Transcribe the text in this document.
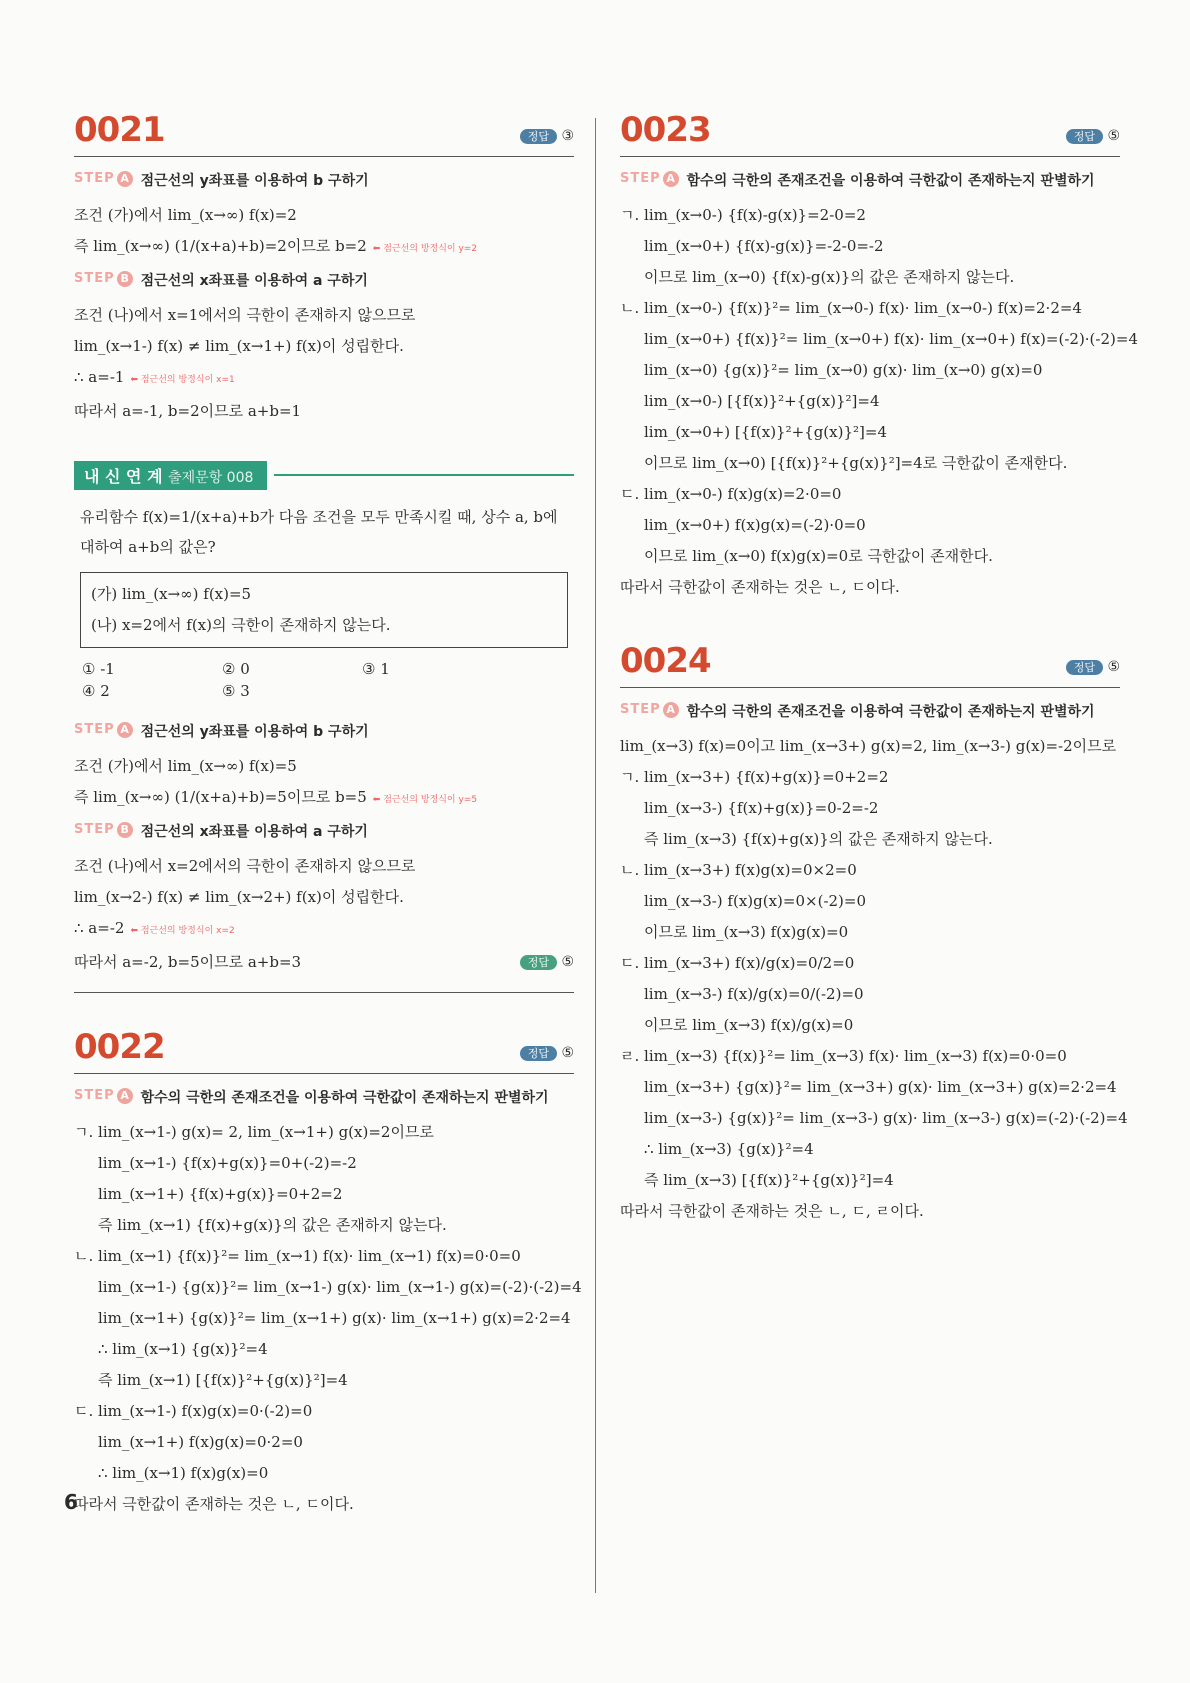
0021	정답 ③
STEP A 점근선의 y좌표를 이용하여 b 구하기
조건 (가)에서 lim_(x→∞) f(x)=2
즉 lim_(x→∞) (1/(x+a)+b)=2이므로 b=2 ⬅ 점근선의 방정식이 y=2
STEP B 점근선의 x좌표를 이용하여 a 구하기
조건 (나)에서 x=1에서의 극한이 존재하지 않으므로
lim_(x→1-) f(x) ≠ lim_(x→1+) f(x)이 성립한다.
∴ a=-1 ⬅ 점근선의 방정식이 x=1
따라서 a=-1, b=2이므로 a+b=1
내 신 연 계 출제문항 008
유리함수 f(x)=1/(x+a)+b가 다음 조건을 모두 만족시킬 때, 상수 a, b에 대하여 a+b의 값은?
(가) lim_(x→∞) f(x)=5
(나) x=2에서 f(x)의 극한이 존재하지 않는다.
① -1	② 0	③ 1
④ 2	⑤ 3
STEP A 점근선의 y좌표를 이용하여 b 구하기
조건 (가)에서 lim_(x→∞) f(x)=5
즉 lim_(x→∞) (1/(x+a)+b)=5이므로 b=5 ⬅ 점근선의 방정식이 y=5
STEP B 점근선의 x좌표를 이용하여 a 구하기
조건 (나)에서 x=2에서의 극한이 존재하지 않으므로
lim_(x→2-) f(x) ≠ lim_(x→2+) f(x)이 성립한다.
∴ a=-2 ⬅ 점근선의 방정식이 x=2
따라서 a=-2, b=5이므로 a+b=3	정답 ⑤
0022	정답 ⑤
STEP A 함수의 극한의 존재조건을 이용하여 극한값이 존재하는지 판별하기
ㄱ. lim_(x→1-) g(x)= 2, lim_(x→1+) g(x)=2이므로
lim_(x→1-) {f(x)+g(x)}=0+(-2)=-2
lim_(x→1+) {f(x)+g(x)}=0+2=2
즉 lim_(x→1) {f(x)+g(x)}의 값은 존재하지 않는다.
ㄴ. lim_(x→1) {f(x)}²= lim_(x→1) f(x)· lim_(x→1) f(x)=0·0=0
lim_(x→1-) {g(x)}²= lim_(x→1-) g(x)· lim_(x→1-) g(x)=(-2)·(-2)=4
lim_(x→1+) {g(x)}²= lim_(x→1+) g(x)· lim_(x→1+) g(x)=2·2=4
∴ lim_(x→1) {g(x)}²=4
즉 lim_(x→1) [{f(x)}²+{g(x)}²]=4
ㄷ. lim_(x→1-) f(x)g(x)=0·(-2)=0
lim_(x→1+) f(x)g(x)=0·2=0
∴ lim_(x→1) f(x)g(x)=0
따라서 극한값이 존재하는 것은 ㄴ, ㄷ이다.
0023	정답 ⑤
STEP A 함수의 극한의 존재조건을 이용하여 극한값이 존재하는지 판별하기
ㄱ. lim_(x→0-) {f(x)-g(x)}=2-0=2
lim_(x→0+) {f(x)-g(x)}=-2-0=-2
이므로 lim_(x→0) {f(x)-g(x)}의 값은 존재하지 않는다.
ㄴ. lim_(x→0-) {f(x)}²= lim_(x→0-) f(x)· lim_(x→0-) f(x)=2·2=4
lim_(x→0+) {f(x)}²= lim_(x→0+) f(x)· lim_(x→0+) f(x)=(-2)·(-2)=4
lim_(x→0) {g(x)}²= lim_(x→0) g(x)· lim_(x→0) g(x)=0
lim_(x→0-) [{f(x)}²+{g(x)}²]=4
lim_(x→0+) [{f(x)}²+{g(x)}²]=4
이므로 lim_(x→0) [{f(x)}²+{g(x)}²]=4로 극한값이 존재한다.
ㄷ. lim_(x→0-) f(x)g(x)=2·0=0
lim_(x→0+) f(x)g(x)=(-2)·0=0
이므로 lim_(x→0) f(x)g(x)=0로 극한값이 존재한다.
따라서 극한값이 존재하는 것은 ㄴ, ㄷ이다.
0024	정답 ⑤
STEP A 함수의 극한의 존재조건을 이용하여 극한값이 존재하는지 판별하기
lim_(x→3) f(x)=0이고 lim_(x→3+) g(x)=2, lim_(x→3-) g(x)=-2이므로
ㄱ. lim_(x→3+) {f(x)+g(x)}=0+2=2
lim_(x→3-) {f(x)+g(x)}=0-2=-2
즉 lim_(x→3) {f(x)+g(x)}의 값은 존재하지 않는다.
ㄴ. lim_(x→3+) f(x)g(x)=0×2=0
lim_(x→3-) f(x)g(x)=0×(-2)=0
이므로 lim_(x→3) f(x)g(x)=0
ㄷ. lim_(x→3+) f(x)/g(x)=0/2=0
lim_(x→3-) f(x)/g(x)=0/(-2)=0
이므로 lim_(x→3) f(x)/g(x)=0
ㄹ. lim_(x→3) {f(x)}²= lim_(x→3) f(x)· lim_(x→3) f(x)=0·0=0
lim_(x→3+) {g(x)}²= lim_(x→3+) g(x)· lim_(x→3+) g(x)=2·2=4
lim_(x→3-) {g(x)}²= lim_(x→3-) g(x)· lim_(x→3-) g(x)=(-2)·(-2)=4
∴ lim_(x→3) {g(x)}²=4
즉 lim_(x→3) [{f(x)}²+{g(x)}²]=4
따라서 극한값이 존재하는 것은 ㄴ, ㄷ, ㄹ이다.
6
